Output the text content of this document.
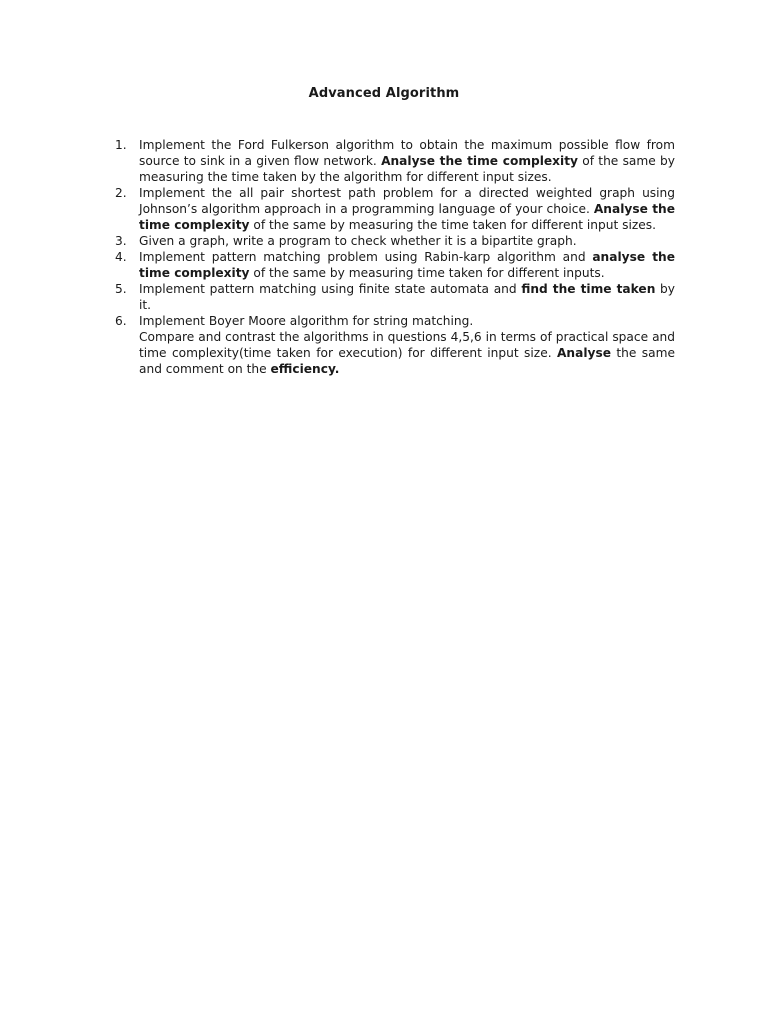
Advanced Algorithm
1.	Implement the Ford Fulkerson algorithm to obtain the maximum possible flow from source to sink in a given flow network. Analyse the time complexity of the same by measuring the time taken by the algorithm for different input sizes.
2.	Implement the all pair shortest path problem for a directed weighted graph using Johnson’s algorithm approach in a programming language of your choice. Analyse the time complexity of the same by measuring the time taken for different input sizes.
3.	Given a graph, write a program to check whether it is a bipartite graph.
4.	Implement pattern matching problem using Rabin-karp algorithm and analyse the time complexity of the same by measuring time taken for different inputs.
5.	Implement pattern matching using finite state automata and find the time taken by it.
6.	Implement Boyer Moore algorithm for string matching.
Compare and contrast the algorithms in questions 4,5,6 in terms of practical space and time complexity(time taken for execution) for different input size. Analyse the same and comment on the efficiency.
